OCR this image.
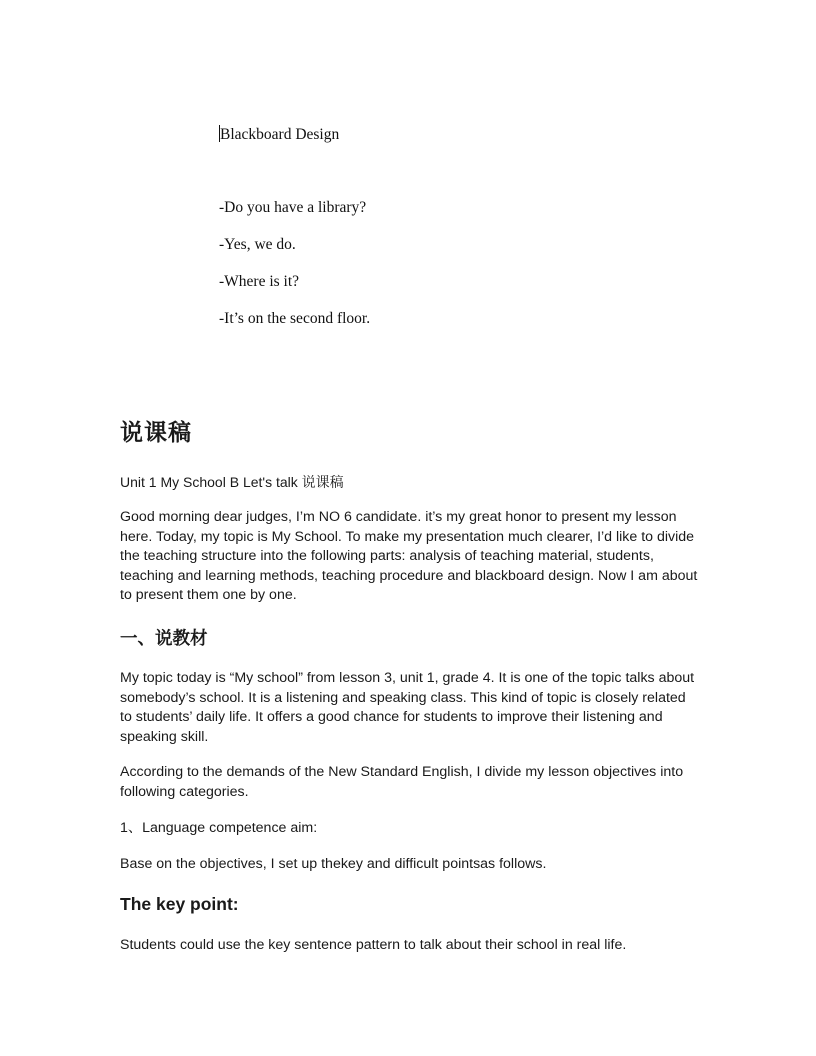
Blackboard Design
-Do you have a library?
-Yes, we do.
-Where is it?
-It’s on the second floor.
说课稿

Unit 1 My School B Let's talk 说课稿

Good morning dear judges, I’m NO 6 candidate. it’s my great honor to present my lesson here. Today, my topic is My School. To make my presentation much clearer, I’d like to divide the teaching structure into the following parts: analysis of teaching material, students, teaching and learning methods, teaching procedure and blackboard design. Now I am about to present them one by one.

一、说教材

My topic today is “My school” from lesson 3, unit 1, grade 4. It is one of the topic talks about somebody’s school. It is a listening and speaking class. This kind of topic is closely related to students’ daily life. It offers a good chance for students to improve their listening and speaking skill.

According to the demands of the New Standard English, I divide my lesson objectives into following categories.

1、Language competence aim:

Base on the objectives, I set up thekey and difficult pointsas follows.

The key point:

Students could use the key sentence pattern to talk about their school in real life.
